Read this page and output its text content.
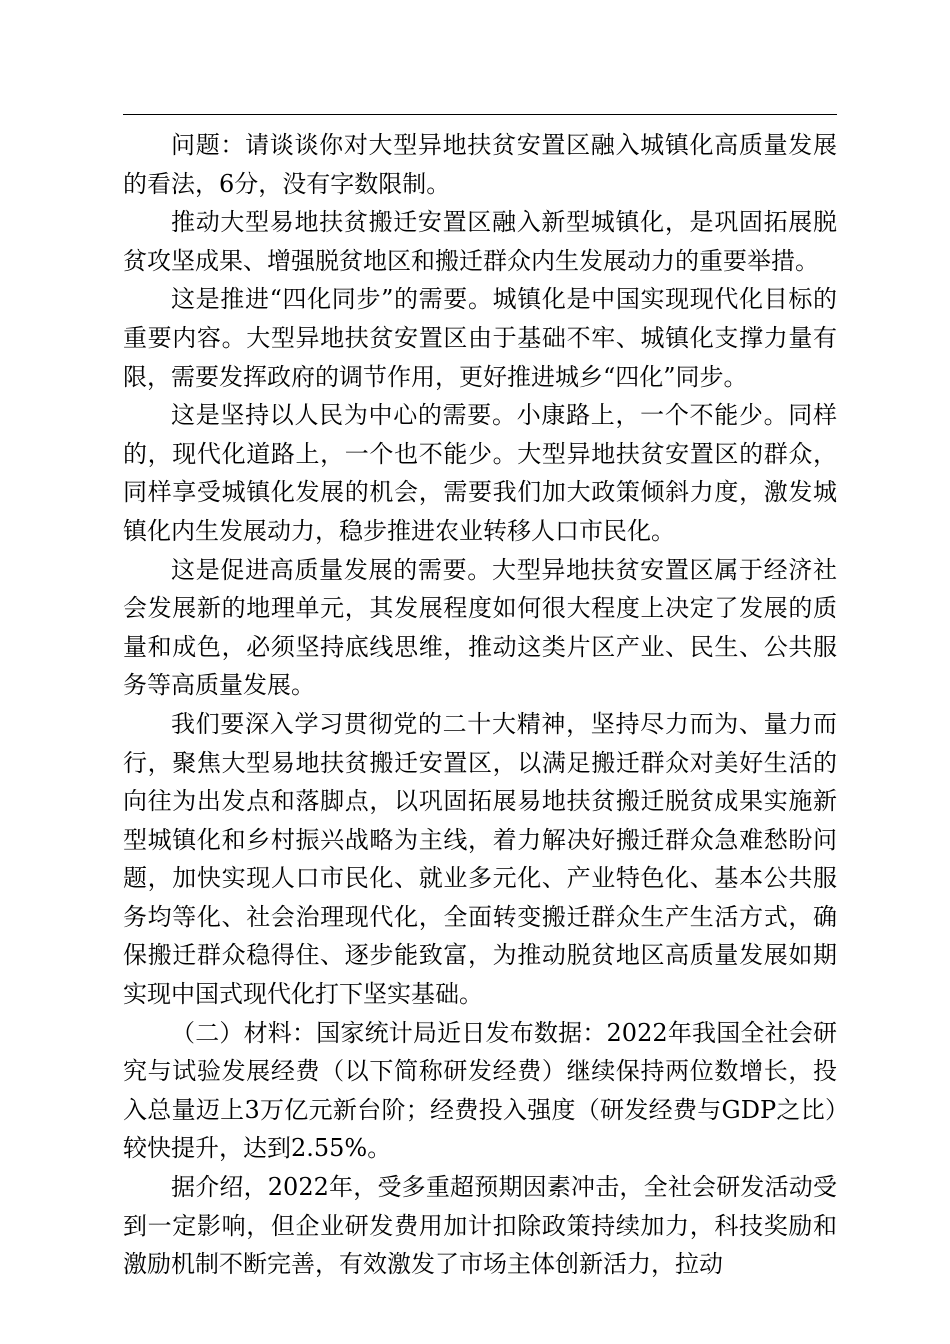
问题：请谈谈你对大型异地扶贫安置区融入城镇化高质量发展的看法，6分，没有字数限制。

推动大型易地扶贫搬迁安置区融入新型城镇化，是巩固拓展脱贫攻坚成果、增强脱贫地区和搬迁群众内生发展动力的重要举措。

这是推进“四化同步”的需要。城镇化是中国实现现代化目标的重要内容。大型异地扶贫安置区由于基础不牢、城镇化支撑力量有限，需要发挥政府的调节作用，更好推进城乡“四化”同步。

这是坚持以人民为中心的需要。小康路上，一个不能少。同样的，现代化道路上，一个也不能少。大型异地扶贫安置区的群众，同样享受城镇化发展的机会，需要我们加大政策倾斜力度，激发城镇化内生发展动力，稳步推进农业转移人口市民化。

这是促进高质量发展的需要。大型异地扶贫安置区属于经济社会发展新的地理单元，其发展程度如何很大程度上决定了发展的质量和成色，必须坚持底线思维，推动这类片区产业、民生、公共服务等高质量发展。

我们要深入学习贯彻党的二十大精神，坚持尽力而为、量力而行，聚焦大型易地扶贫搬迁安置区，以满足搬迁群众对美好生活的向往为出发点和落脚点，以巩固拓展易地扶贫搬迁脱贫成果实施新型城镇化和乡村振兴战略为主线，着力解决好搬迁群众急难愁盼问题，加快实现人口市民化、就业多元化、产业特色化、基本公共服务均等化、社会治理现代化，全面转变搬迁群众生产生活方式，确保搬迁群众稳得住、逐步能致富，为推动脱贫地区高质量发展如期实现中国式现代化打下坚实基础。

（二）材料：国家统计局近日发布数据：2022年我国全社会研究与试验发展经费（以下简称研发经费）继续保持两位数增长，投入总量迈上3万亿元新台阶；经费投入强度（研发经费与GDP之比）较快提升，达到2.55%。

据介绍，2022年，受多重超预期因素冲击，全社会研发活动受到一定影响，但企业研发费用加计扣除政策持续加力，科技奖励和激励机制不断完善，有效激发了市场主体创新活力，拉动
